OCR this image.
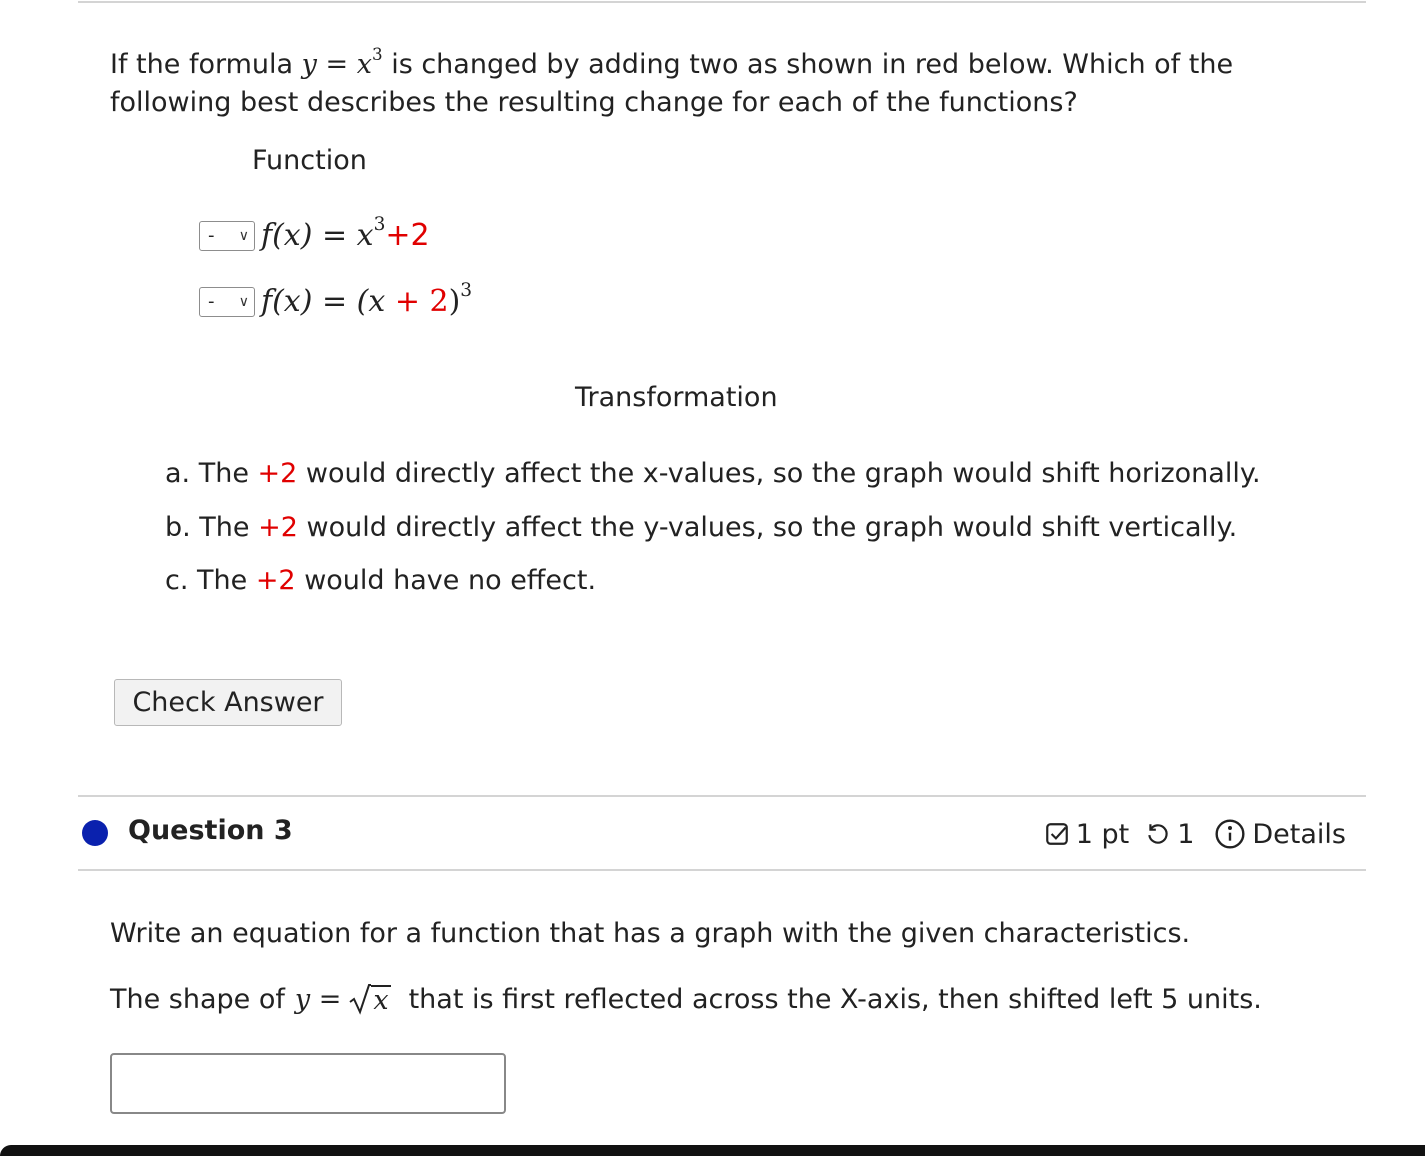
If the formula $y = x^3$ is changed by adding two as shown in red below. Which of the following best describes the resulting change for each of the functions?
Function
- ∨ $f(x) = x^3+2$
- ∨ $f(x) = (x + 2)^3$
Transformation
a. The +2 would directly affect the x-values, so the graph would shift horizonally.
b. The +2 would directly affect the y-values, so the graph would shift vertically.
c. The +2 would have no effect.
Check Answer
Question 3	1 pt 1 Details
Write an equation for a function that has a graph with the given characteristics.
The shape of y = x that is first reflected across the X-axis, then shifted left 5 units.
